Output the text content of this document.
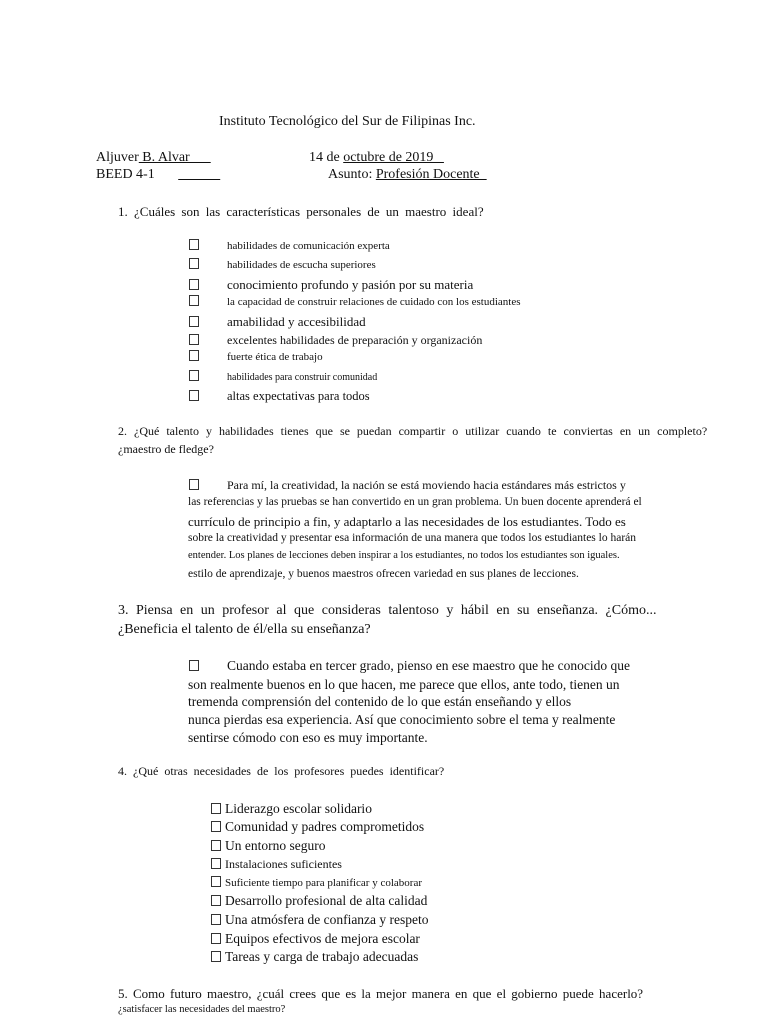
Instituto Tecnológico del Sur de Filipinas Inc.
Aljuver B. Alvar	14 de octubre de 2019
BEED 4-1	Asunto: Profesión Docente
1. ¿Cuáles son las características personales de un maestro ideal?
habilidades de comunicación experta
habilidades de escucha superiores
conocimiento profundo y pasión por su materia
la capacidad de construir relaciones de cuidado con los estudiantes
amabilidad y accesibilidad
excelentes habilidades de preparación y organización
fuerte ética de trabajo
habilidades para construir comunidad
altas expectativas para todos
2. ¿Qué talento y habilidades tienes que se puedan compartir o utilizar cuando te conviertas en un completo?
¿maestro de fledge?
Para mí, la creatividad, la nación se está moviendo hacia estándares más estrictos y
las referencias y las pruebas se han convertido en un gran problema. Un buen docente aprenderá el
currículo de principio a fin, y adaptarlo a las necesidades de los estudiantes. Todo es
sobre la creatividad y presentar esa información de una manera que todos los estudiantes lo harán
entender. Los planes de lecciones deben inspirar a los estudiantes, no todos los estudiantes son iguales.
estilo de aprendizaje, y buenos maestros ofrecen variedad en sus planes de lecciones.
3. Piensa en un profesor al que consideras talentoso y hábil en su enseñanza. ¿Cómo...
¿Beneficia el talento de él/ella su enseñanza?
Cuando estaba en tercer grado, pienso en ese maestro que he conocido que
son realmente buenos en lo que hacen, me parece que ellos, ante todo, tienen un
tremenda comprensión del contenido de lo que están enseñando y ellos
nunca pierdas esa experiencia. Así que conocimiento sobre el tema y realmente
sentirse cómodo con eso es muy importante.
4. ¿Qué otras necesidades de los profesores puedes identificar?
Liderazgo escolar solidario
Comunidad y padres comprometidos
Un entorno seguro
Instalaciones suficientes
Suficiente tiempo para planificar y colaborar
Desarrollo profesional de alta calidad
Una atmósfera de confianza y respeto
Equipos efectivos de mejora escolar
Tareas y carga de trabajo adecuadas
5. Como futuro maestro, ¿cuál crees que es la mejor manera en que el gobierno puede hacerlo?
¿satisfacer las necesidades del maestro?
